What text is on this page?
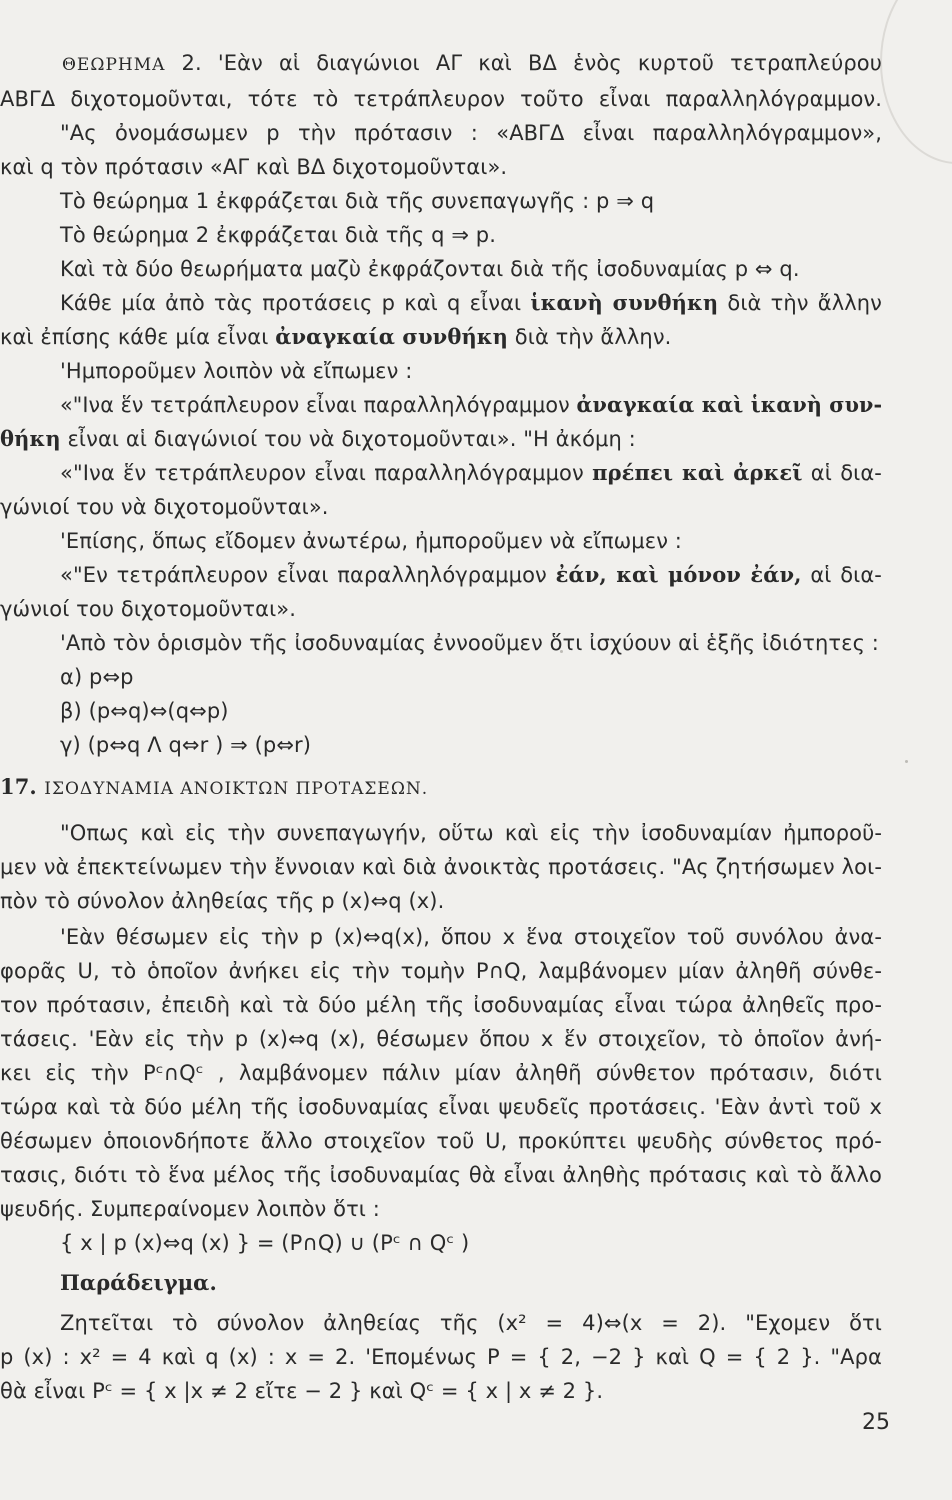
ΘΕΩΡΗΜΑ 2. 'Εὰν αἱ διαγώνιοι ΑΓ καὶ ΒΔ ἑνὸς κυρτοῦ τετραπλεύρου
ΑΒΓΔ διχοτομοῦνται, τότε τὸ τετράπλευρον τοῦτο εἶναι παραλληλόγραμμον.
"Ας ὀνομάσωμεν p τὴν πρότασιν : «ΑΒΓΔ εἶναι παραλληλόγραμμον»,
καὶ q τὸν πρότασιν «ΑΓ καὶ ΒΔ διχοτομοῦνται».
Τὸ θεώρημα 1 ἐκφράζεται διὰ τῆς συνεπαγωγῆς : p ⇒ q
Τὸ θεώρημα 2 ἐκφράζεται διὰ τῆς q ⇒ p.
Καὶ τὰ δύο θεωρήματα μαζὺ ἐκφράζονται διὰ τῆς ἰσοδυναμίας p ⇔ q.
Κάθε μία ἀπὸ τὰς προτάσεις p καὶ q εἶναι ἱκανὴ συνθήκη διὰ τὴν ἄλλην
καὶ ἐπίσης κάθε μία εἶναι ἀναγκαία συνθήκη διὰ τὴν ἄλλην.
'Ημποροῦμεν λοιπὸν νὰ εἴπωμεν :
«"Ινα ἕν τετράπλευρον εἶναι παραλληλόγραμμον ἀναγκαία καὶ ἱκανὴ συν-
θήκη εἶναι αἱ διαγώνιοί του νὰ διχοτομοῦνται». "Η ἀκόμη :
«"Ινα ἕν τετράπλευρον εἶναι παραλληλόγραμμον πρέπει καὶ ἀρκεῖ αἱ δια-
γώνιοί του νὰ διχοτομοῦνται».
'Επίσης, ὅπως εἴδομεν ἀνωτέρω, ἠμποροῦμεν νὰ εἴπωμεν :
«"Εν τετράπλευρον εἶναι παραλληλόγραμμον ἐάν, καὶ μόνον ἐάν, αἱ δια-
γώνιοί του διχοτομοῦνται».
'Απὸ τὸν ὁρισμὸν τῆς ἰσοδυναμίας ἐννοοῦμεν ὅτι ἰσχύουν αἱ ἑξῆς ἰδιότητες :
α) p⇔p
β) (p⇔q)⇔(q⇔p)
γ) (p⇔q Λ q⇔r ) ⇒ (p⇔r)
17. ΙΣΟΔΥΝΑΜΙΑ ΑΝΟΙΚΤΩΝ ΠΡΟΤΑΣΕΩΝ.
"Οπως καὶ εἰς τὴν συνεπαγωγήν, οὕτω καὶ εἰς τὴν ἰσοδυναμίαν ἠμποροῦ-
μεν νὰ ἐπεκτείνωμεν τὴν ἔννοιαν καὶ διὰ ἀνοικτὰς προτάσεις. "Ας ζητήσωμεν λοι-
πὸν τὸ σύνολον ἀληθείας τῆς p (x)⇔q (x).
'Εὰν θέσωμεν εἰς τὴν p (x)⇔q(x), ὅπου x ἕνα στοιχεῖον τοῦ συνόλου ἀνα-
φορᾶς U, τὸ ὁποῖον ἀνήκει εἰς τὴν τομὴν P∩Q, λαμβάνομεν μίαν ἀληθῆ σύνθε-
τον πρότασιν, ἐπειδὴ καὶ τὰ δύο μέλη τῆς ἰσοδυναμίας εἶναι τώρα ἀληθεῖς προ-
τάσεις. 'Εὰν εἰς τὴν p (x)⇔q (x), θέσωμεν ὅπου x ἕν στοιχεῖον, τὸ ὁποῖον ἀνή-
κει εἰς τὴν Pᶜ∩Qᶜ , λαμβάνομεν πάλιν μίαν ἀληθῆ σύνθετον πρότασιν, διότι
τώρα καὶ τὰ δύο μέλη τῆς ἰσοδυναμίας εἶναι ψευδεῖς προτάσεις. 'Εὰν ἀντὶ τοῦ x
θέσωμεν ὁποιονδήποτε ἄλλο στοιχεῖον τοῦ U, προκύπτει ψευδὴς σύνθετος πρό-
τασις, διότι τὸ ἕνα μέλος τῆς ἰσοδυναμίας θὰ εἶναι ἀληθὴς πρότασις καὶ τὸ ἄλλο
ψευδής. Συμπεραίνομεν λοιπὸν ὅτι :
{ x | p (x)⇔q (x) } = (P∩Q) ∪ (Pᶜ ∩ Qᶜ )
Παράδειγμα.
Ζητεῖται τὸ σύνολον ἀληθείας τῆς (x² = 4)⇔(x = 2). "Εχομεν ὅτι
p (x) : x² = 4 καὶ q (x) : x = 2. 'Επομένως P = { 2, −2 } καὶ Q = { 2 }. "Αρα
θὰ εἶναι Pᶜ = { x |x ≠ 2 εἴτε − 2 } καὶ Qᶜ = { x | x ≠ 2 }.
25
